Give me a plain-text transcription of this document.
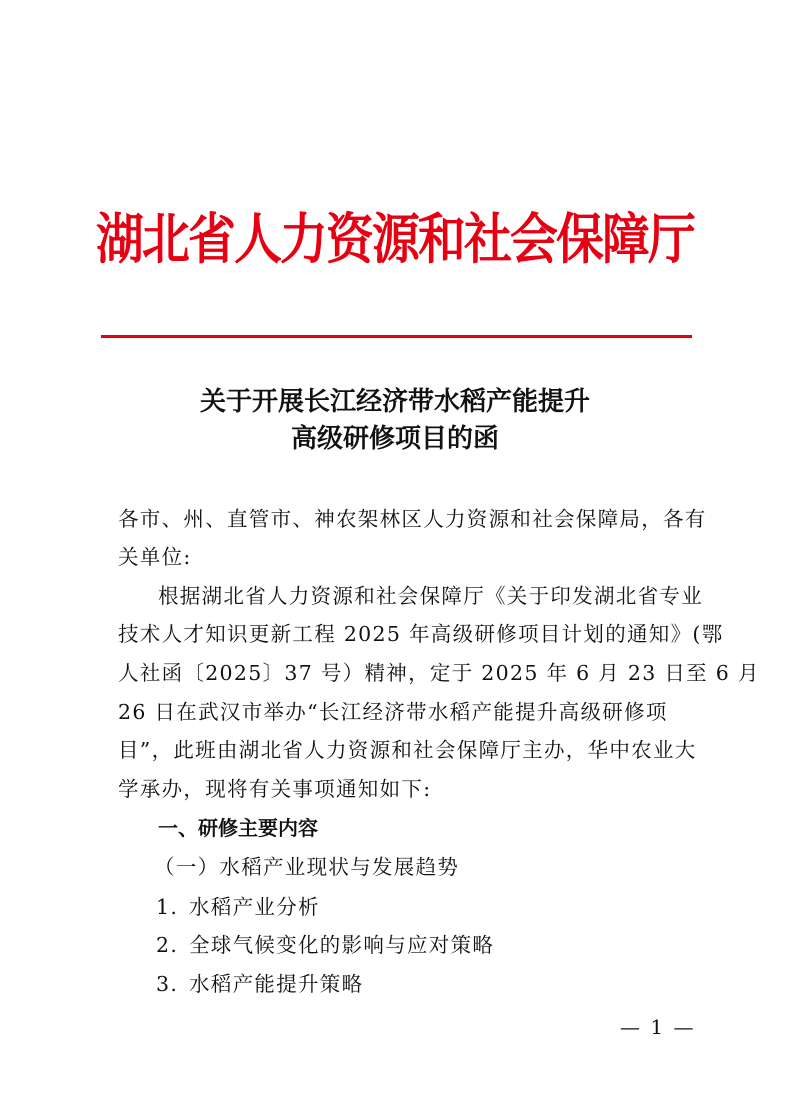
湖北省人力资源和社会保障厅
关于开展长江经济带水稻产能提升
高级研修项目的函
各市、州、直管市、神农架林区人力资源和社会保障局，各有
关单位:
根据湖北省人力资源和社会保障厅《关于印发湖北省专业
技术人才知识更新工程 2025 年高级研修项目计划的通知》(鄂
人社函〔2025〕37 号）精神，定于 2025 年 6 月 23 日至 6 月
26 日在武汉市举办“长江经济带水稻产能提升高级研修项
目”，此班由湖北省人力资源和社会保障厅主办，华中农业大
学承办，现将有关事项通知如下:
一、研修主要内容
（一）水稻产业现状与发展趋势
1. 水稻产业分析
2. 全球气候变化的影响与应对策略
3. 水稻产能提升策略
— 1 —
